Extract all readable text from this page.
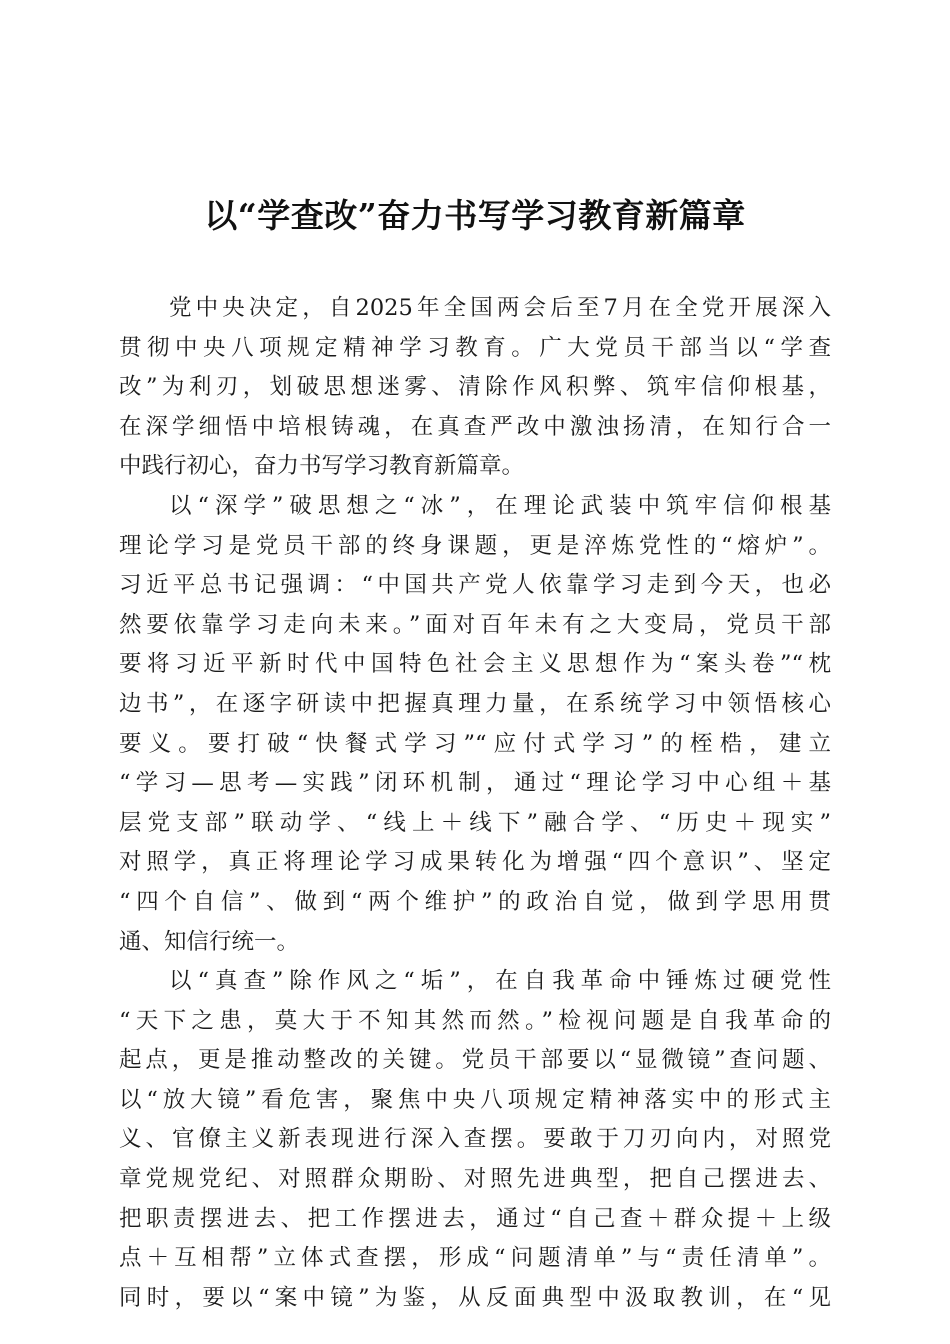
以“学查改”奋力书写学习教育新篇章
党中央决定，自2025年全国两会后至7月在全党开展深入
贯彻中央八项规定精神学习教育。广大党员干部当以“学查
改”为利刃，划破思想迷雾、清除作风积弊、筑牢信仰根基，
在深学细悟中培根铸魂，在真查严改中激浊扬清，在知行合一
中践行初心，奋力书写学习教育新篇章。
以“深学”破思想之“冰”，在理论武装中筑牢信仰根基
理论学习是党员干部的终身课题，更是淬炼党性的“熔炉”。
习近平总书记强调：“中国共产党人依靠学习走到今天，也必
然要依靠学习走向未来。”面对百年未有之大变局，党员干部
要将习近平新时代中国特色社会主义思想作为“案头卷”“枕
边书”，在逐字研读中把握真理力量，在系统学习中领悟核心
要义。要打破“快餐式学习”“应付式学习”的桎梏，建立
“学习—思考—实践”闭环机制，通过“理论学习中心组＋基
层党支部”联动学、“线上＋线下”融合学、“历史＋现实”
对照学，真正将理论学习成果转化为增强“四个意识”、坚定
“四个自信”、做到“两个维护”的政治自觉，做到学思用贯
通、知信行统一。
以“真查”除作风之“垢”，在自我革命中锤炼过硬党性
“天下之患，莫大于不知其然而然。”检视问题是自我革命的
起点，更是推动整改的关键。党员干部要以“显微镜”查问题、
以“放大镜”看危害，聚焦中央八项规定精神落实中的形式主
义、官僚主义新表现进行深入查摆。要敢于刀刃向内，对照党
章党规党纪、对照群众期盼、对照先进典型，把自己摆进去、
把职责摆进去、把工作摆进去，通过“自己查＋群众提＋上级
点＋互相帮”立体式查摆，形成“问题清单”与“责任清单”。
同时，要以“案中镜”为鉴，从反面典型中汲取教训，在“见
